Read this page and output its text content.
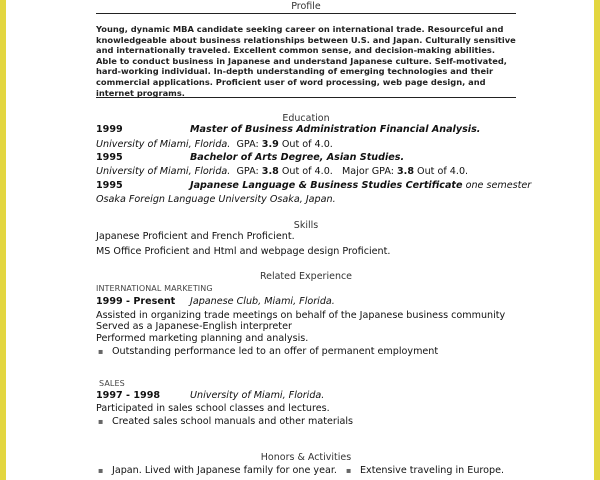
Profile
Young, dynamic MBA candidate seeking career on international trade. Resourceful and knowledgeable about business relationships between U.S. and Japan. Culturally sensitive and internationally traveled. Excellent common sense, and decision-making abilities. Able to conduct business in Japanese and understand Japanese culture. Self-motivated, hard-working individual. In-depth understanding of emerging technologies and their commercial applications. Proficient user of word processing, web page design, and internet programs.
Education
1999	Master of Business Administration Financial Analysis.
University of Miami, Florida. GPA: 3.9 Out of 4.0.
1995	Bachelor of Arts Degree, Asian Studies.
University of Miami, Florida. GPA: 3.8 Out of 4.0. Major GPA: 3.8 Out of 4.0.
1995	Japanese Language & Business Studies Certificate one semester
Osaka Foreign Language University Osaka, Japan.
Skills
Japanese Proficient and French Proficient.
MS Office Proficient and Html and webpage design Proficient.
Related Experience
INTERNATIONAL MARKETING
1999 - Present Japanese Club, Miami, Florida.
Assisted in organizing trade meetings on behalf of the Japanese business community
Served as a Japanese-English interpreter
Performed marketing planning and analysis.
▪ Outstanding performance led to an offer of permanent employment
SALES
1997 - 1998	University of Miami, Florida.
Participated in sales school classes and lectures.
▪ Created sales school manuals and other materials
Honors & Activities
▪ Japan. Lived with Japanese family for one year. ▪ Extensive traveling in Europe.
